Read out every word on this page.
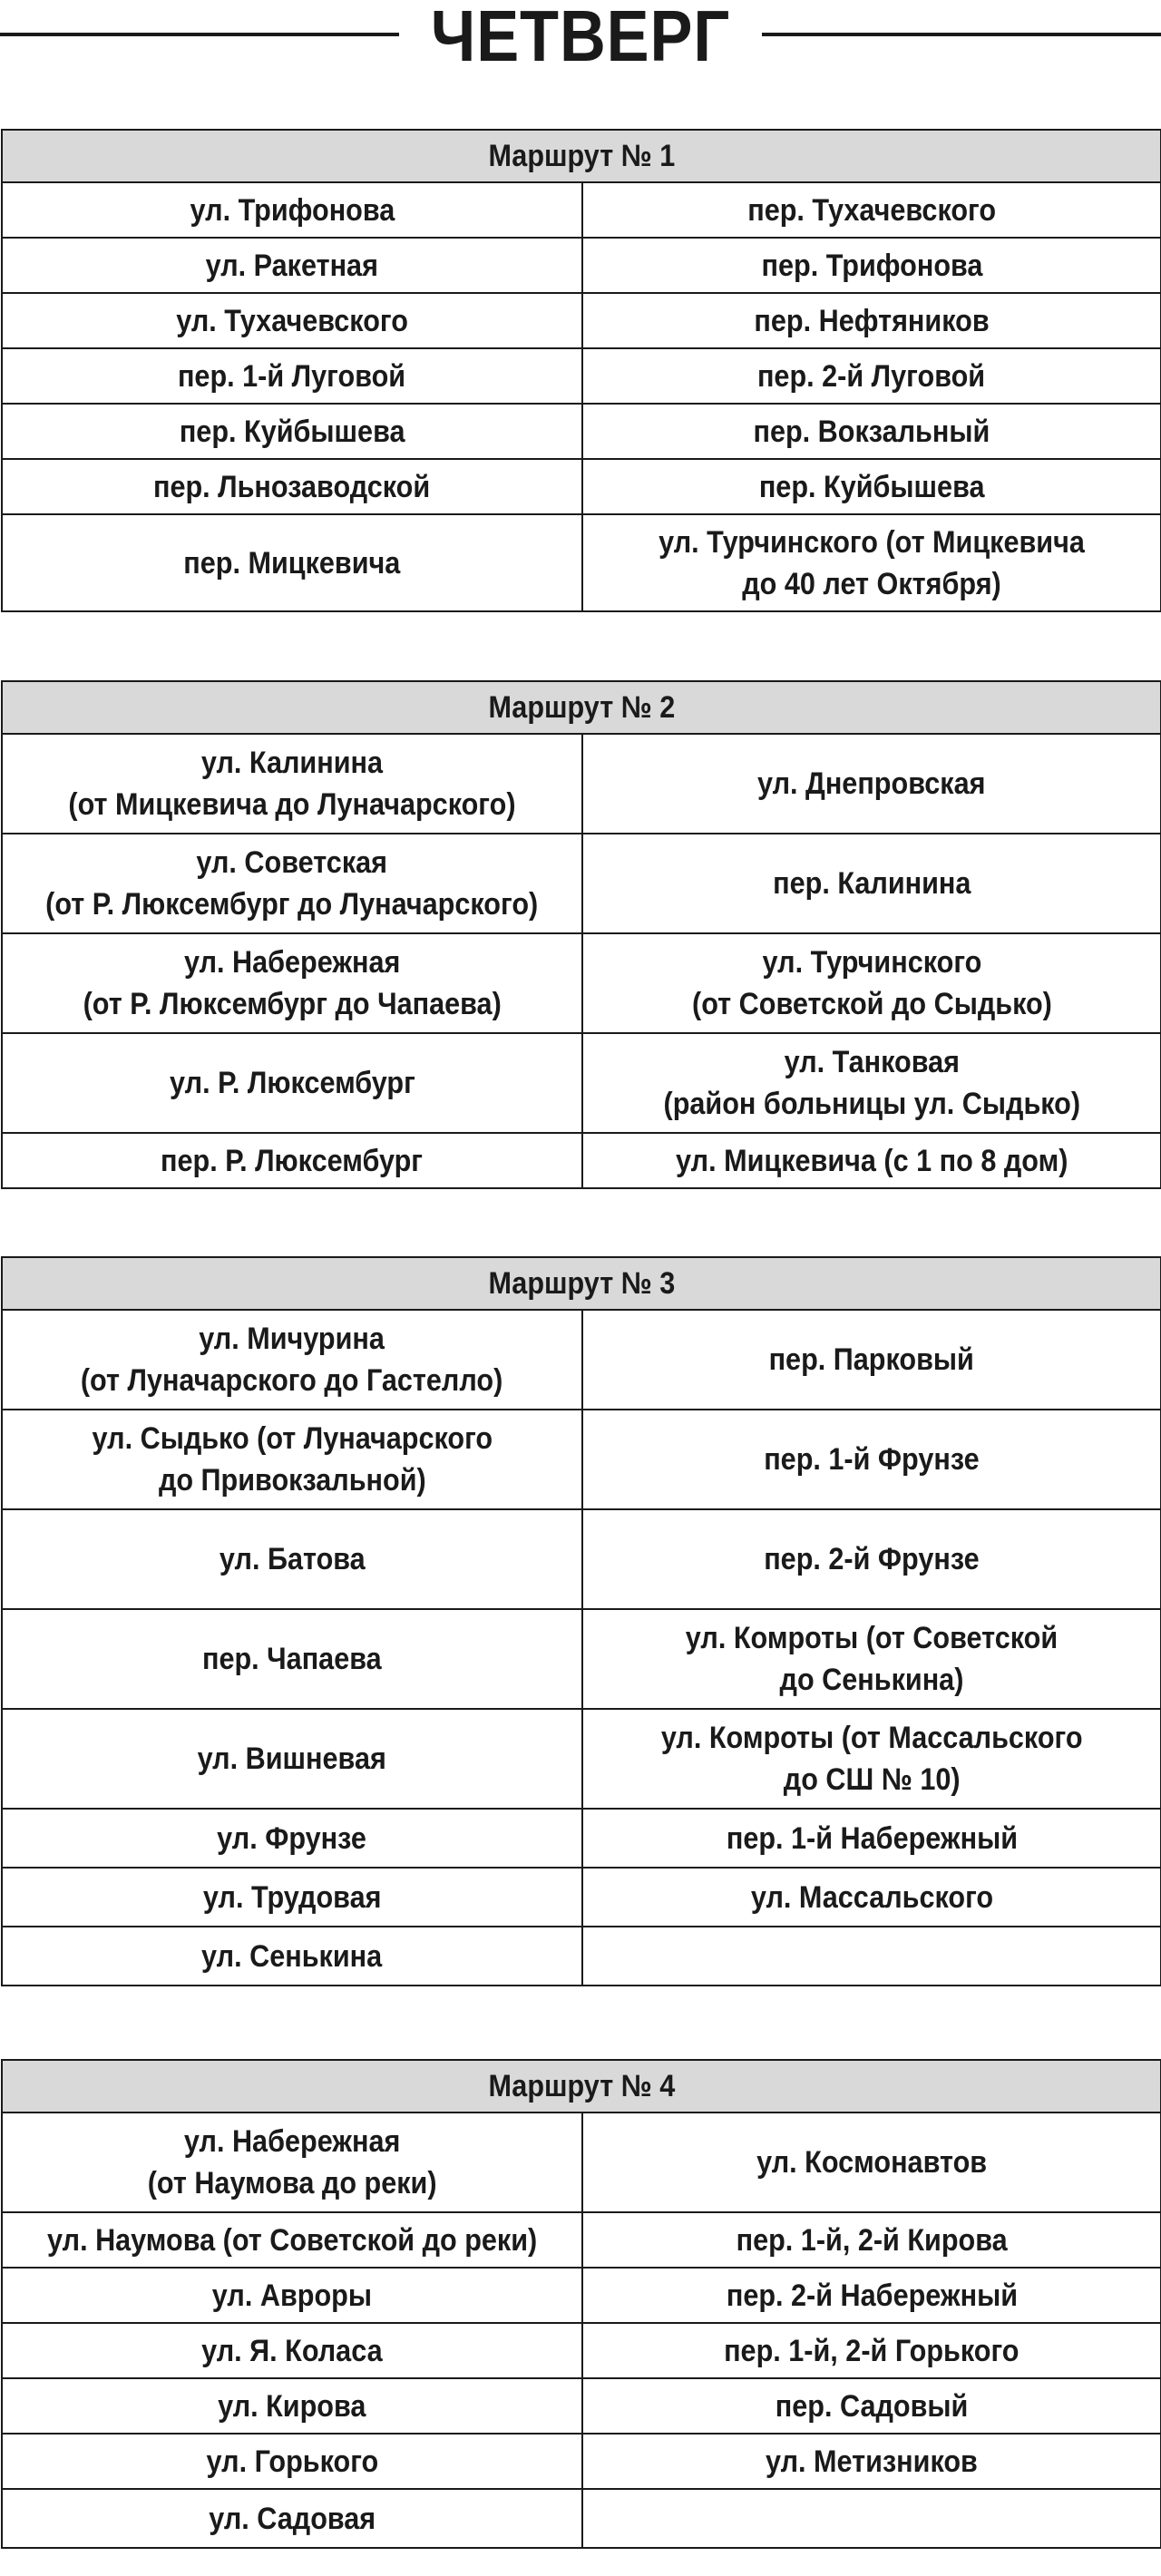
ЧЕТВЕРГ
Маршрут № 1	
ул. Трифонова	пер. Тухачевского
ул. Ракетная	пер. Трифонова
ул. Тухачевского	пер. Нефтяников
пер. 1-й Луговой	пер. 2-й Луговой
пер. Куйбышева	пер. Вокзальный
пер. Льнозаводской	пер. Куйбышева
пер. Мицкевича	ул. Турчинского (от Мицкевича
до 40 лет Октября)
Маршрут № 2	
ул. Калинина
(от Мицкевича до Луначарского)	ул. Днепровская
ул. Советская
(от Р. Люксембург до Луначарского)	пер. Калинина
ул. Набережная
(от Р. Люксембург до Чапаева)	ул. Турчинского
(от Советской до Сыдько)
ул. Р. Люксембург	ул. Танковая
(район больницы ул. Сыдько)
пер. Р. Люксембург	ул. Мицкевича (с 1 по 8 дом)
Маршрут № 3	
ул. Мичурина
(от Луначарского до Гастелло)	пер. Парковый
ул. Сыдько (от Луначарского
до Привокзальной)	пер. 1-й Фрунзе
ул. Батова	пер. 2-й Фрунзе
пер. Чапаева	ул. Комроты (от Советской
до Сенькина)
ул. Вишневая	ул. Комроты (от Массальского
до СШ № 10)
ул. Фрунзе	пер. 1-й Набережный
ул. Трудовая	ул. Массальского
ул. Сенькина	
Маршрут № 4	
ул. Набережная
(от Наумова до реки)	ул. Космонавтов
ул. Наумова (от Советской до реки)	пер. 1-й, 2-й Кирова
ул. Авроры	пер. 2-й Набережный
ул. Я. Коласа	пер. 1-й, 2-й Горького
ул. Кирова	пер. Садовый
ул. Горького	ул. Метизников
ул. Садовая	
